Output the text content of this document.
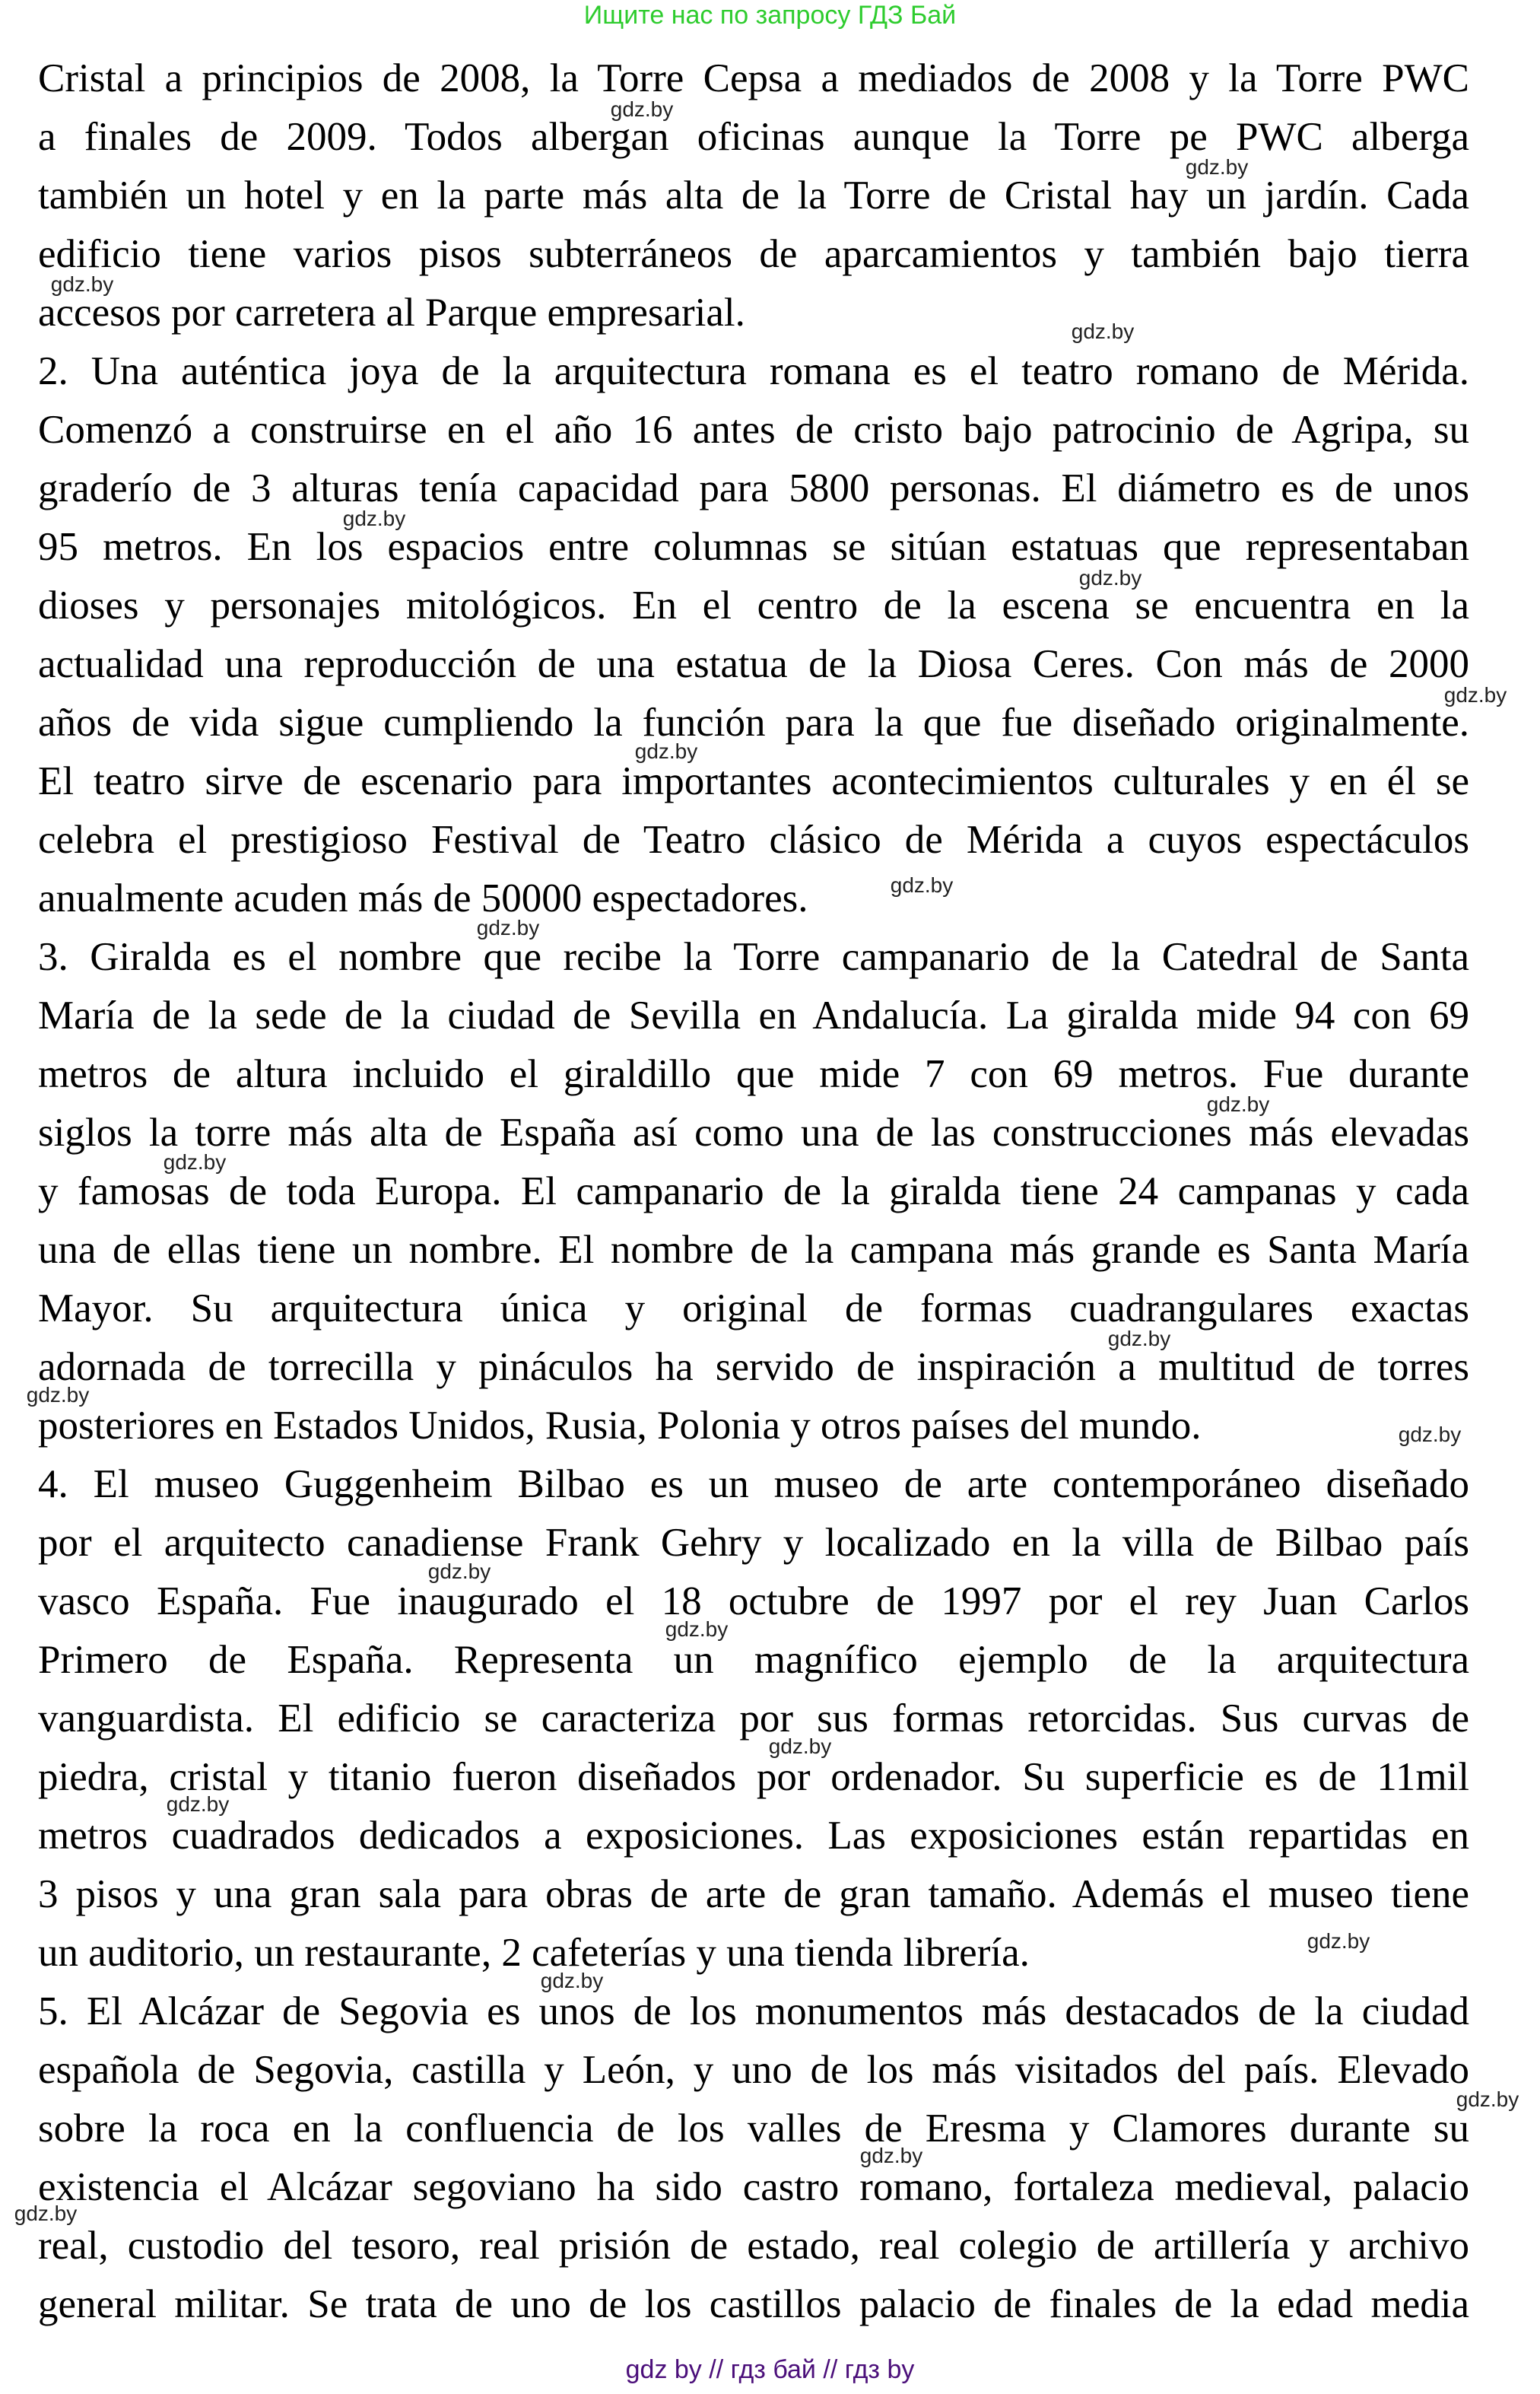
Ищите нас по запросу ГДЗ Бай
Cristal a principios de 2008, la Torre Cepsa a mediados de 2008 y la Torre PWC
a finales de 2009. Todos albergan oficinas aunque la Torre pe PWC alberga
también un hotel y en la parte más alta de la Torre de Cristal hay un jardín. Cada
edificio tiene varios pisos subterráneos de aparcamientos y también bajo tierra
accesos por carretera al Parque empresarial.
2. Una auténtica joya de la arquitectura romana es el teatro romano de Mérida.
Comenzó a construirse en el año 16 antes de cristo bajo patrocinio de Agripa, su
graderío de 3 alturas tenía capacidad para 5800 personas. El diámetro es de unos
95 metros. En los espacios entre columnas se sitúan estatuas que representaban
dioses y personajes mitológicos. En el centro de la escena se encuentra en la
actualidad una reproducción de una estatua de la Diosa Ceres. Con más de 2000
años de vida sigue cumpliendo la función para la que fue diseñado originalmente.
El teatro sirve de escenario para importantes acontecimientos culturales y en él se
celebra el prestigioso Festival de Teatro clásico de Mérida a cuyos espectáculos
anualmente acuden más de 50000 espectadores.
3. Giralda es el nombre que recibe la Torre campanario de la Catedral de Santa
María de la sede de la ciudad de Sevilla en Andalucía. La giralda mide 94 con 69
metros de altura incluido el giraldillo que mide 7 con 69 metros. Fue durante
siglos la torre más alta de España así como una de las construcciones más elevadas
y famosas de toda Europa. El campanario de la giralda tiene 24 campanas y cada
una de ellas tiene un nombre. El nombre de la campana más grande es Santa María
Mayor. Su arquitectura única y original de formas cuadrangulares exactas
adornada de torrecilla y pináculos ha servido de inspiración a multitud de torres
posteriores en Estados Unidos, Rusia, Polonia y otros países del mundo.
4. El museo Guggenheim Bilbao es un museo de arte contemporáneo diseñado
por el arquitecto canadiense Frank Gehry y localizado en la villa de Bilbao país
vasco España. Fue inaugurado el 18 octubre de 1997 por el rey Juan Carlos
Primero de España. Representa un magnífico ejemplo de la arquitectura
vanguardista. El edificio se caracteriza por sus formas retorcidas. Sus curvas de
piedra, cristal y titanio fueron diseñados por ordenador. Su superficie es de 11mil
metros cuadrados dedicados a exposiciones. Las exposiciones están repartidas en
3 pisos y una gran sala para obras de arte de gran tamaño. Además el museo tiene
un auditorio, un restaurante, 2 cafeterías y una tienda librería.
5. El Alcázar de Segovia es unos de los monumentos más destacados de la ciudad
española de Segovia, castilla y León, y uno de los más visitados del país. Elevado
sobre la roca en la confluencia de los valles de Eresma y Clamores durante su
existencia el Alcázar segoviano ha sido castro romano, fortaleza medieval, palacio
real, custodio del tesoro, real prisión de estado, real colegio de artillería y archivo
general militar. Se trata de uno de los castillos palacio de finales de la edad media
gdz.by
gdz.by
gdz.by
gdz.by
gdz.by
gdz.by
gdz.by
gdz.by
gdz.by
gdz.by
gdz.by
gdz.by
gdz.by
gdz.by
gdz.by
gdz.by
gdz.by
gdz.by
gdz.by
gdz.by
gdz.by
gdz.by
gdz.by
gdz.by
gdz by // гдз бай // гдз by
